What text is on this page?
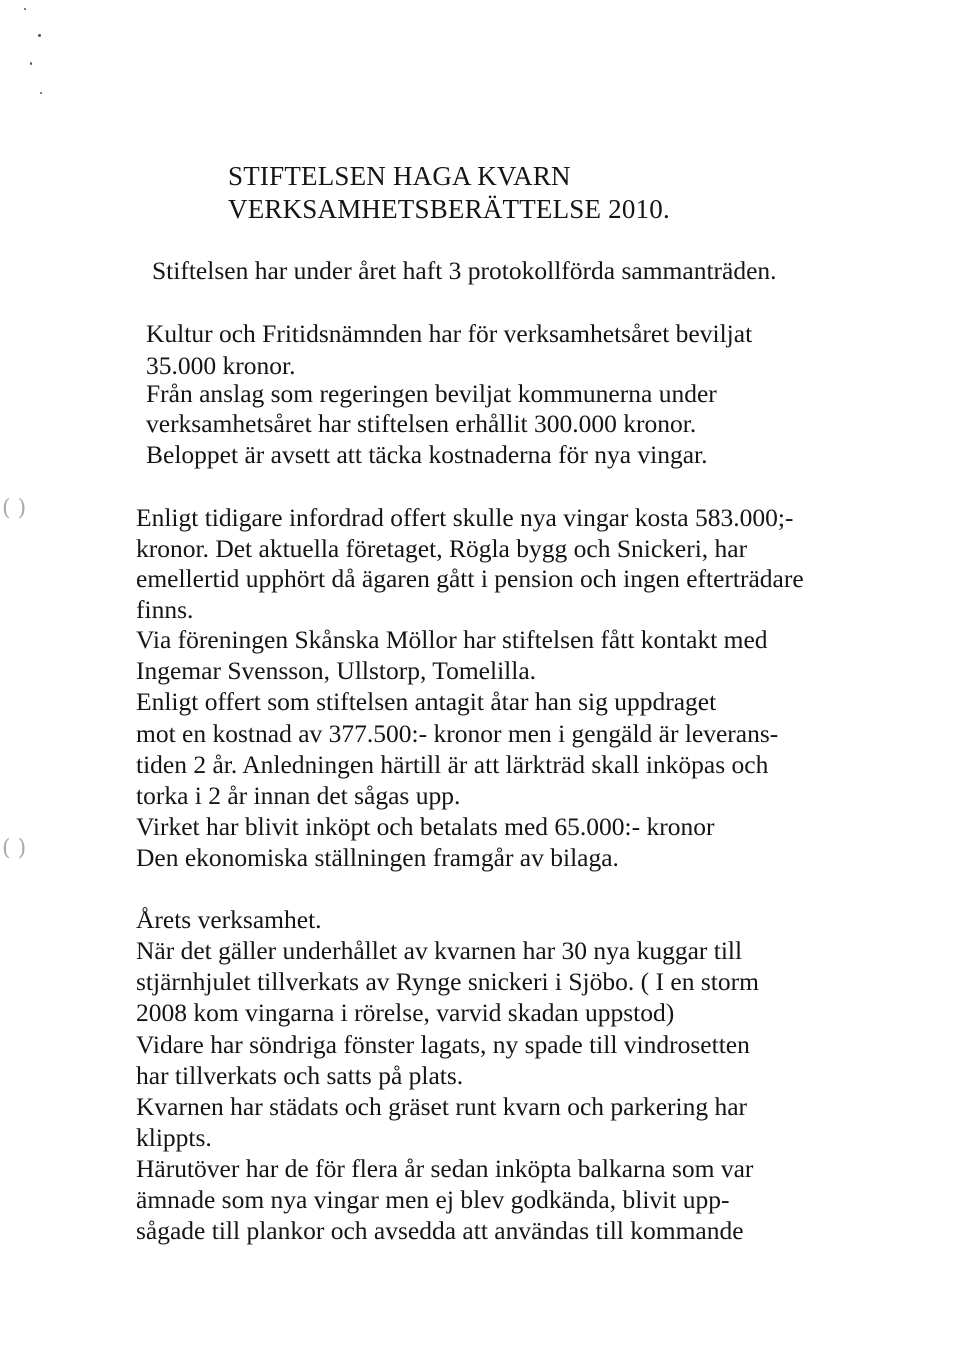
( )
( )
STIFTELSEN HAGA KVARN
VERKSAMHETSBERÄTTELSE 2010.
Stiftelsen har under året haft 3 protokollförda sammanträden.
Kultur och Fritidsnämnden har för verksamhetsåret beviljat
35.000 kronor.
Från anslag som regeringen beviljat kommunerna under
verksamhetsåret har stiftelsen erhållit 300.000 kronor.
Beloppet är avsett att täcka kostnaderna för nya vingar.
Enligt tidigare infordrad offert skulle nya vingar kosta 583.000;-
kronor. Det aktuella företaget, Rögla bygg och Snickeri, har
emellertid upphört då ägaren gått i pension och ingen efterträdare
finns.
Via föreningen Skånska Möllor har stiftelsen fått kontakt med
Ingemar Svensson, Ullstorp, Tomelilla.
Enligt offert som stiftelsen antagit åtar han sig uppdraget
mot en kostnad av 377.500:- kronor men i gengäld är leverans-
tiden 2 år. Anledningen härtill är att lärkträd skall inköpas och
torka i 2 år innan det sågas upp.
Virket har blivit inköpt och betalats med 65.000:- kronor
Den ekonomiska ställningen framgår av bilaga.
Årets verksamhet.
När det gäller underhållet av kvarnen har 30 nya kuggar till
stjärnhjulet tillverkats av Rynge snickeri i Sjöbo. ( I en storm
2008 kom vingarna i rörelse, varvid skadan uppstod)
Vidare har söndriga fönster lagats, ny spade till vindrosetten
har tillverkats och satts på plats.
Kvarnen har städats och gräset runt kvarn och parkering har
klippts.
Härutöver har de för flera år sedan inköpta balkarna som var
ämnade som nya vingar men ej blev godkända, blivit upp-
sågade till plankor och avsedda att användas till kommande
